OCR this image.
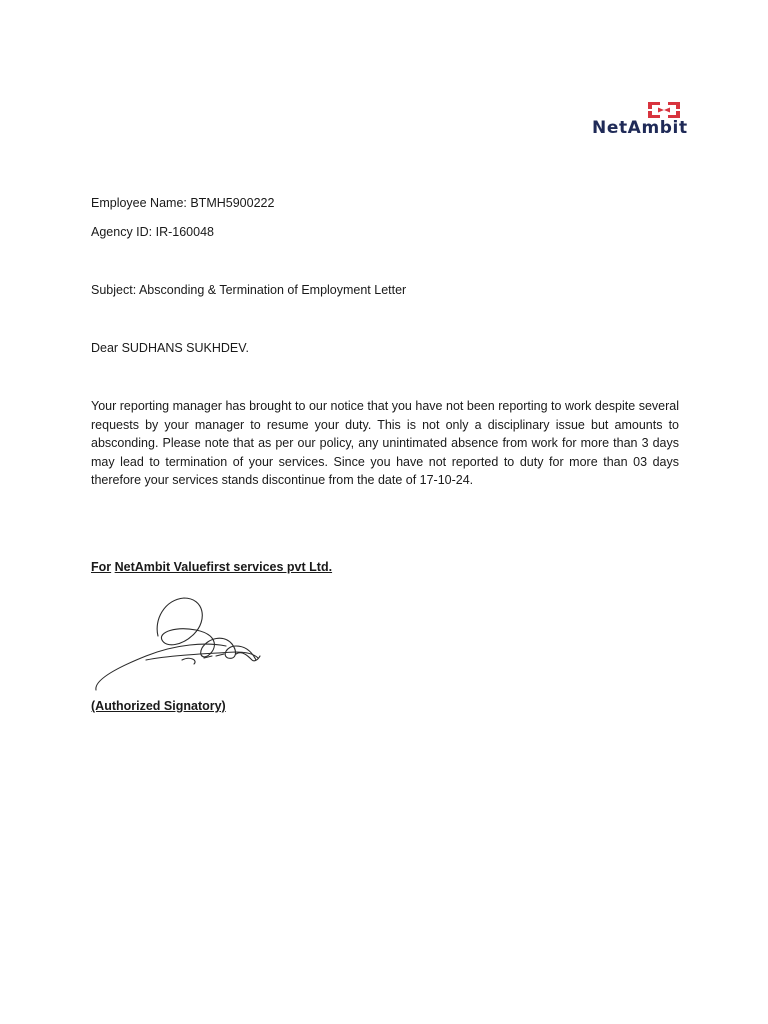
NetAmbit
Employee Name: BTMH5900222
Agency ID: IR-160048
Subject: Absconding & Termination of Employment Letter
Dear SUDHANS SUKHDEV.
Your reporting manager has brought to our notice that you have not been reporting to work despite several requests by your manager to resume your duty. This is not only a disciplinary issue but amounts to absconding. Please note that as per our policy, any unintimated absence from work for more than 3 days may lead to termination of your services. Since you have not reported to duty for more than 03 days therefore your services stands discontinue from the date of 17-10-24.
For NetAmbit Valuefirst services pvt Ltd.
(Authorized Signatory)
